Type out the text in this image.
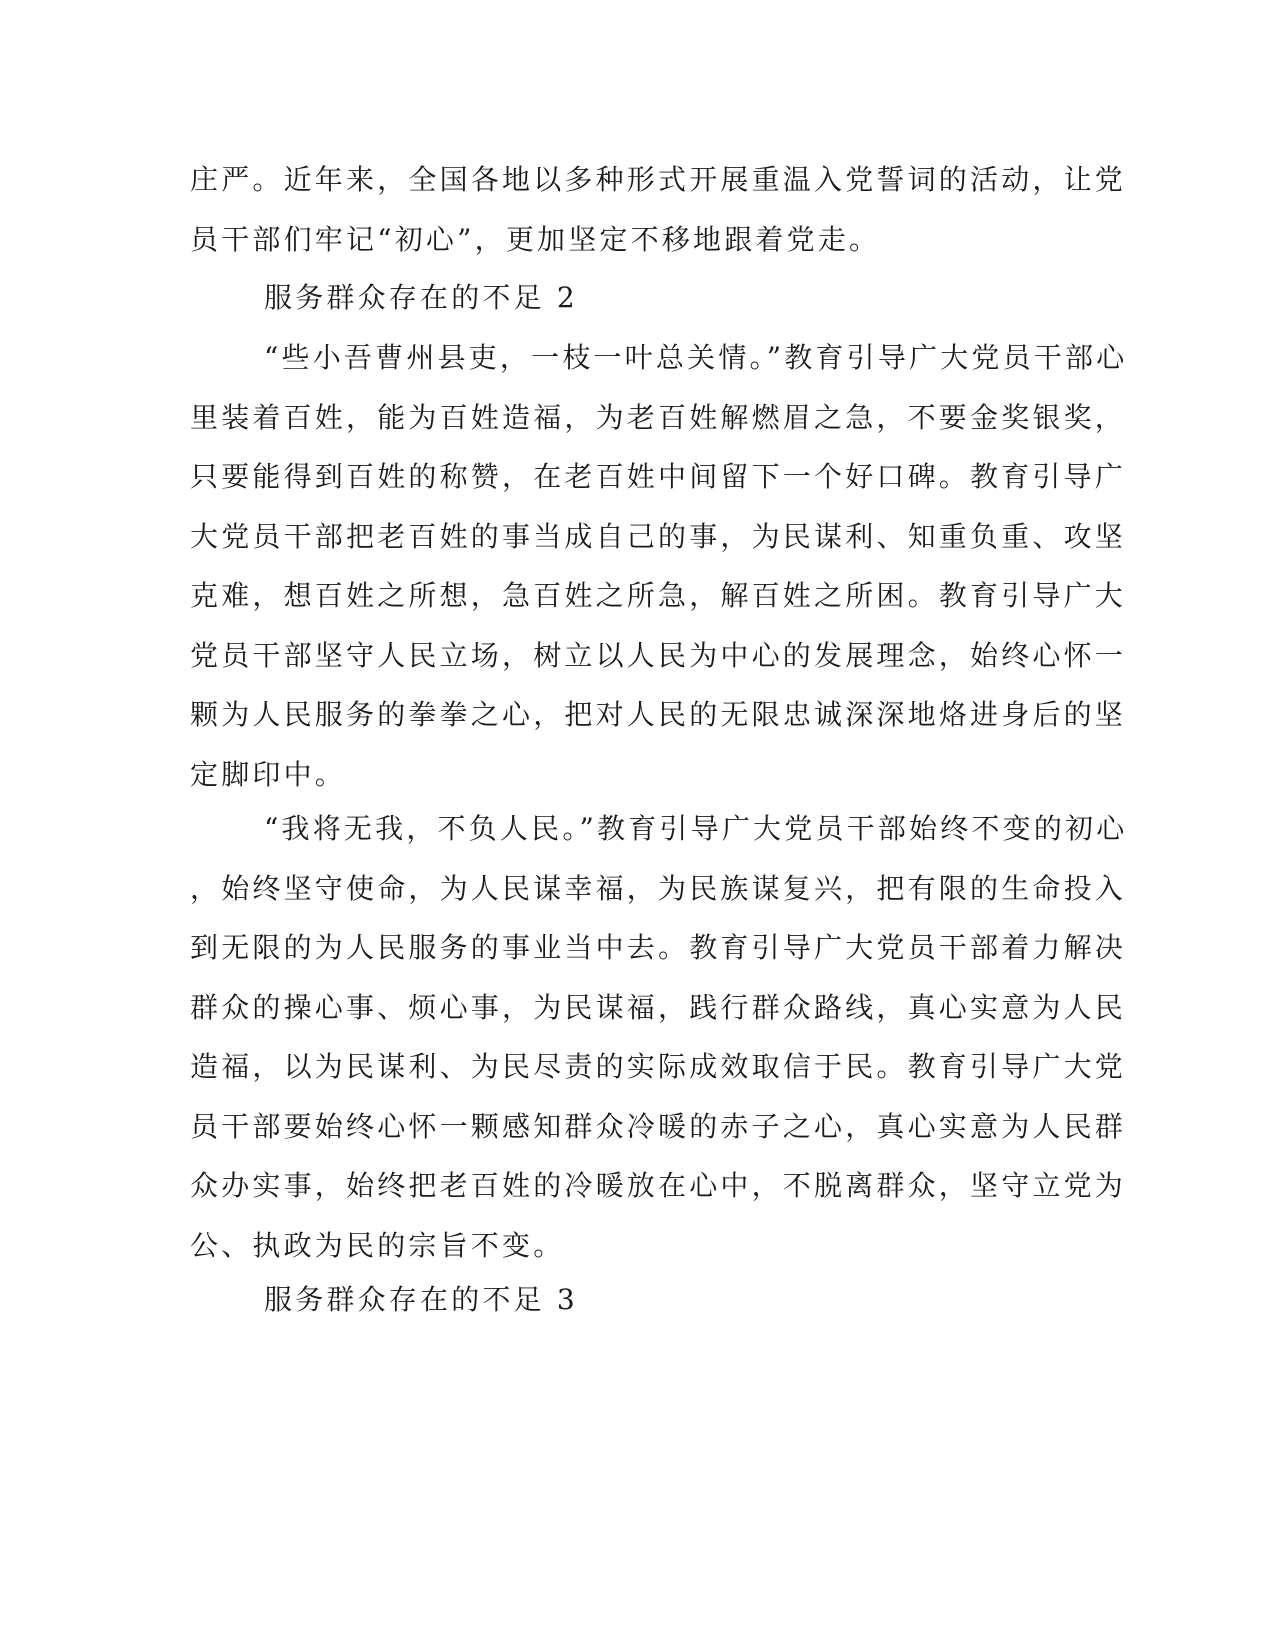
庄严。近年来，全国各地以多种形式开展重温入党誓词的活动，让党
员干部们牢记“初心”，更加坚定不移地跟着党走。
服务群众存在的不足 2
“些小吾曹州县吏，一枝一叶总关情。”教育引导广大党员干部心
里装着百姓，能为百姓造福，为老百姓解燃眉之急，不要金奖银奖，
只要能得到百姓的称赞，在老百姓中间留下一个好口碑。教育引导广
大党员干部把老百姓的事当成自己的事，为民谋利、知重负重、攻坚
克难，想百姓之所想，急百姓之所急，解百姓之所困。教育引导广大
党员干部坚守人民立场，树立以人民为中心的发展理念，始终心怀一
颗为人民服务的拳拳之心，把对人民的无限忠诚深深地烙进身后的坚
定脚印中。
“我将无我，不负人民。”教育引导广大党员干部始终不变的初心
，始终坚守使命，为人民谋幸福，为民族谋复兴，把有限的生命投入
到无限的为人民服务的事业当中去。教育引导广大党员干部着力解决
群众的操心事、烦心事，为民谋福，践行群众路线，真心实意为人民
造福，以为民谋利、为民尽责的实际成效取信于民。教育引导广大党
员干部要始终心怀一颗感知群众冷暖的赤子之心，真心实意为人民群
众办实事，始终把老百姓的冷暖放在心中，不脱离群众，坚守立党为
公、执政为民的宗旨不变。
服务群众存在的不足 3
